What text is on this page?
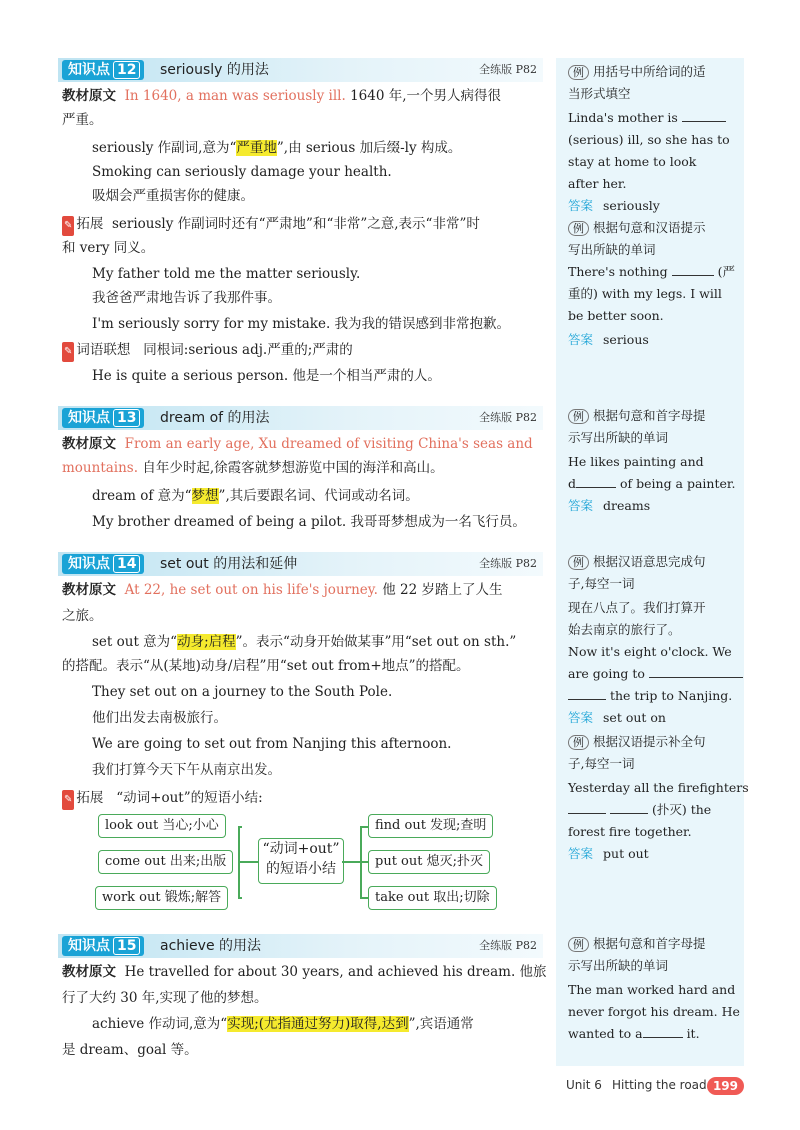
知识点 12	seriously 的用法	全练版 P82
教材原文 In 1640, a man was seriously ill. 1640 年,一个男人病得很
严重。
seriously 作副词,意为“严重地”,由 serious 加后缀-ly 构成。
Smoking can seriously damage your health.
吸烟会严重损害你的健康。
✎ 拓展 seriously 作副词时还有“严肃地”和“非常”之意,表示“非常”时
和 very 同义。
My father told me the matter seriously.
我爸爸严肃地告诉了我那件事。
I'm seriously sorry for my mistake. 我为我的错误感到非常抱歉。
✎ 词语联想 同根词:serious adj.严重的;严肃的
He is quite a serious person. 他是一个相当严肃的人。
知识点 13	dream of 的用法	全练版 P82
教材原文 From an early age, Xu dreamed of visiting China's seas and
mountains. 自年少时起,徐霞客就梦想游览中国的海洋和高山。
dream of 意为“梦想”,其后要跟名词、代词或动名词。
My brother dreamed of being a pilot. 我哥哥梦想成为一名飞行员。
知识点 14	set out 的用法和延伸	全练版 P82
教材原文 At 22, he set out on his life's journey. 他 22 岁踏上了人生
之旅。
set out 意为“动身;启程”。表示“动身开始做某事”用“set out on sth.”
的搭配。表示“从(某地)动身/启程”用“set out from+地点”的搭配。
They set out on a journey to the South Pole.
他们出发去南极旅行。
We are going to set out from Nanjing this afternoon.
我们打算今天下午从南京出发。
✎ 拓展 “动词+out”的短语小结:
look out 当心;小心
come out 出来;出版
work out 锻炼;解答
“动词+out”
的短语小结
find out 发现;查明
put out 熄灭;扑灭
take out 取出;切除
知识点 15	achieve 的用法	全练版 P82
教材原文 He travelled for about 30 years, and achieved his dream. 他旅
行了大约 30 年,实现了他的梦想。
achieve 作动词,意为“实现;(尤指通过努力)取得,达到”,宾语通常
是 dream、goal 等。
例 用括号中所给词的适
当形式填空
Linda's mother is
(serious) ill, so she has to
stay at home to look
after her.
答案 seriously
例 根据句意和汉语提示
写出所缺的单词
There's nothing	(严
重的) with my legs. I will
be better soon.
答案 serious
例 根据句意和首字母提
示写出所缺的单词
He likes painting and
d	of being a painter.
答案 dreams
例 根据汉语意思完成句
子,每空一词
现在八点了。我们打算开
始去南京的旅行了。
Now it's eight o'clock. We
are going to
the trip to Nanjing.
答案 set out on
例 根据汉语提示补全句
子,每空一词
Yesterday all the firefighters
(扑灭) the
forest fire together.
答案 put out
例 根据句意和首字母提
示写出所缺的单词
The man worked hard and
never forgot his dream. He
wanted to a	it.
Unit 6 Hitting the road 199
